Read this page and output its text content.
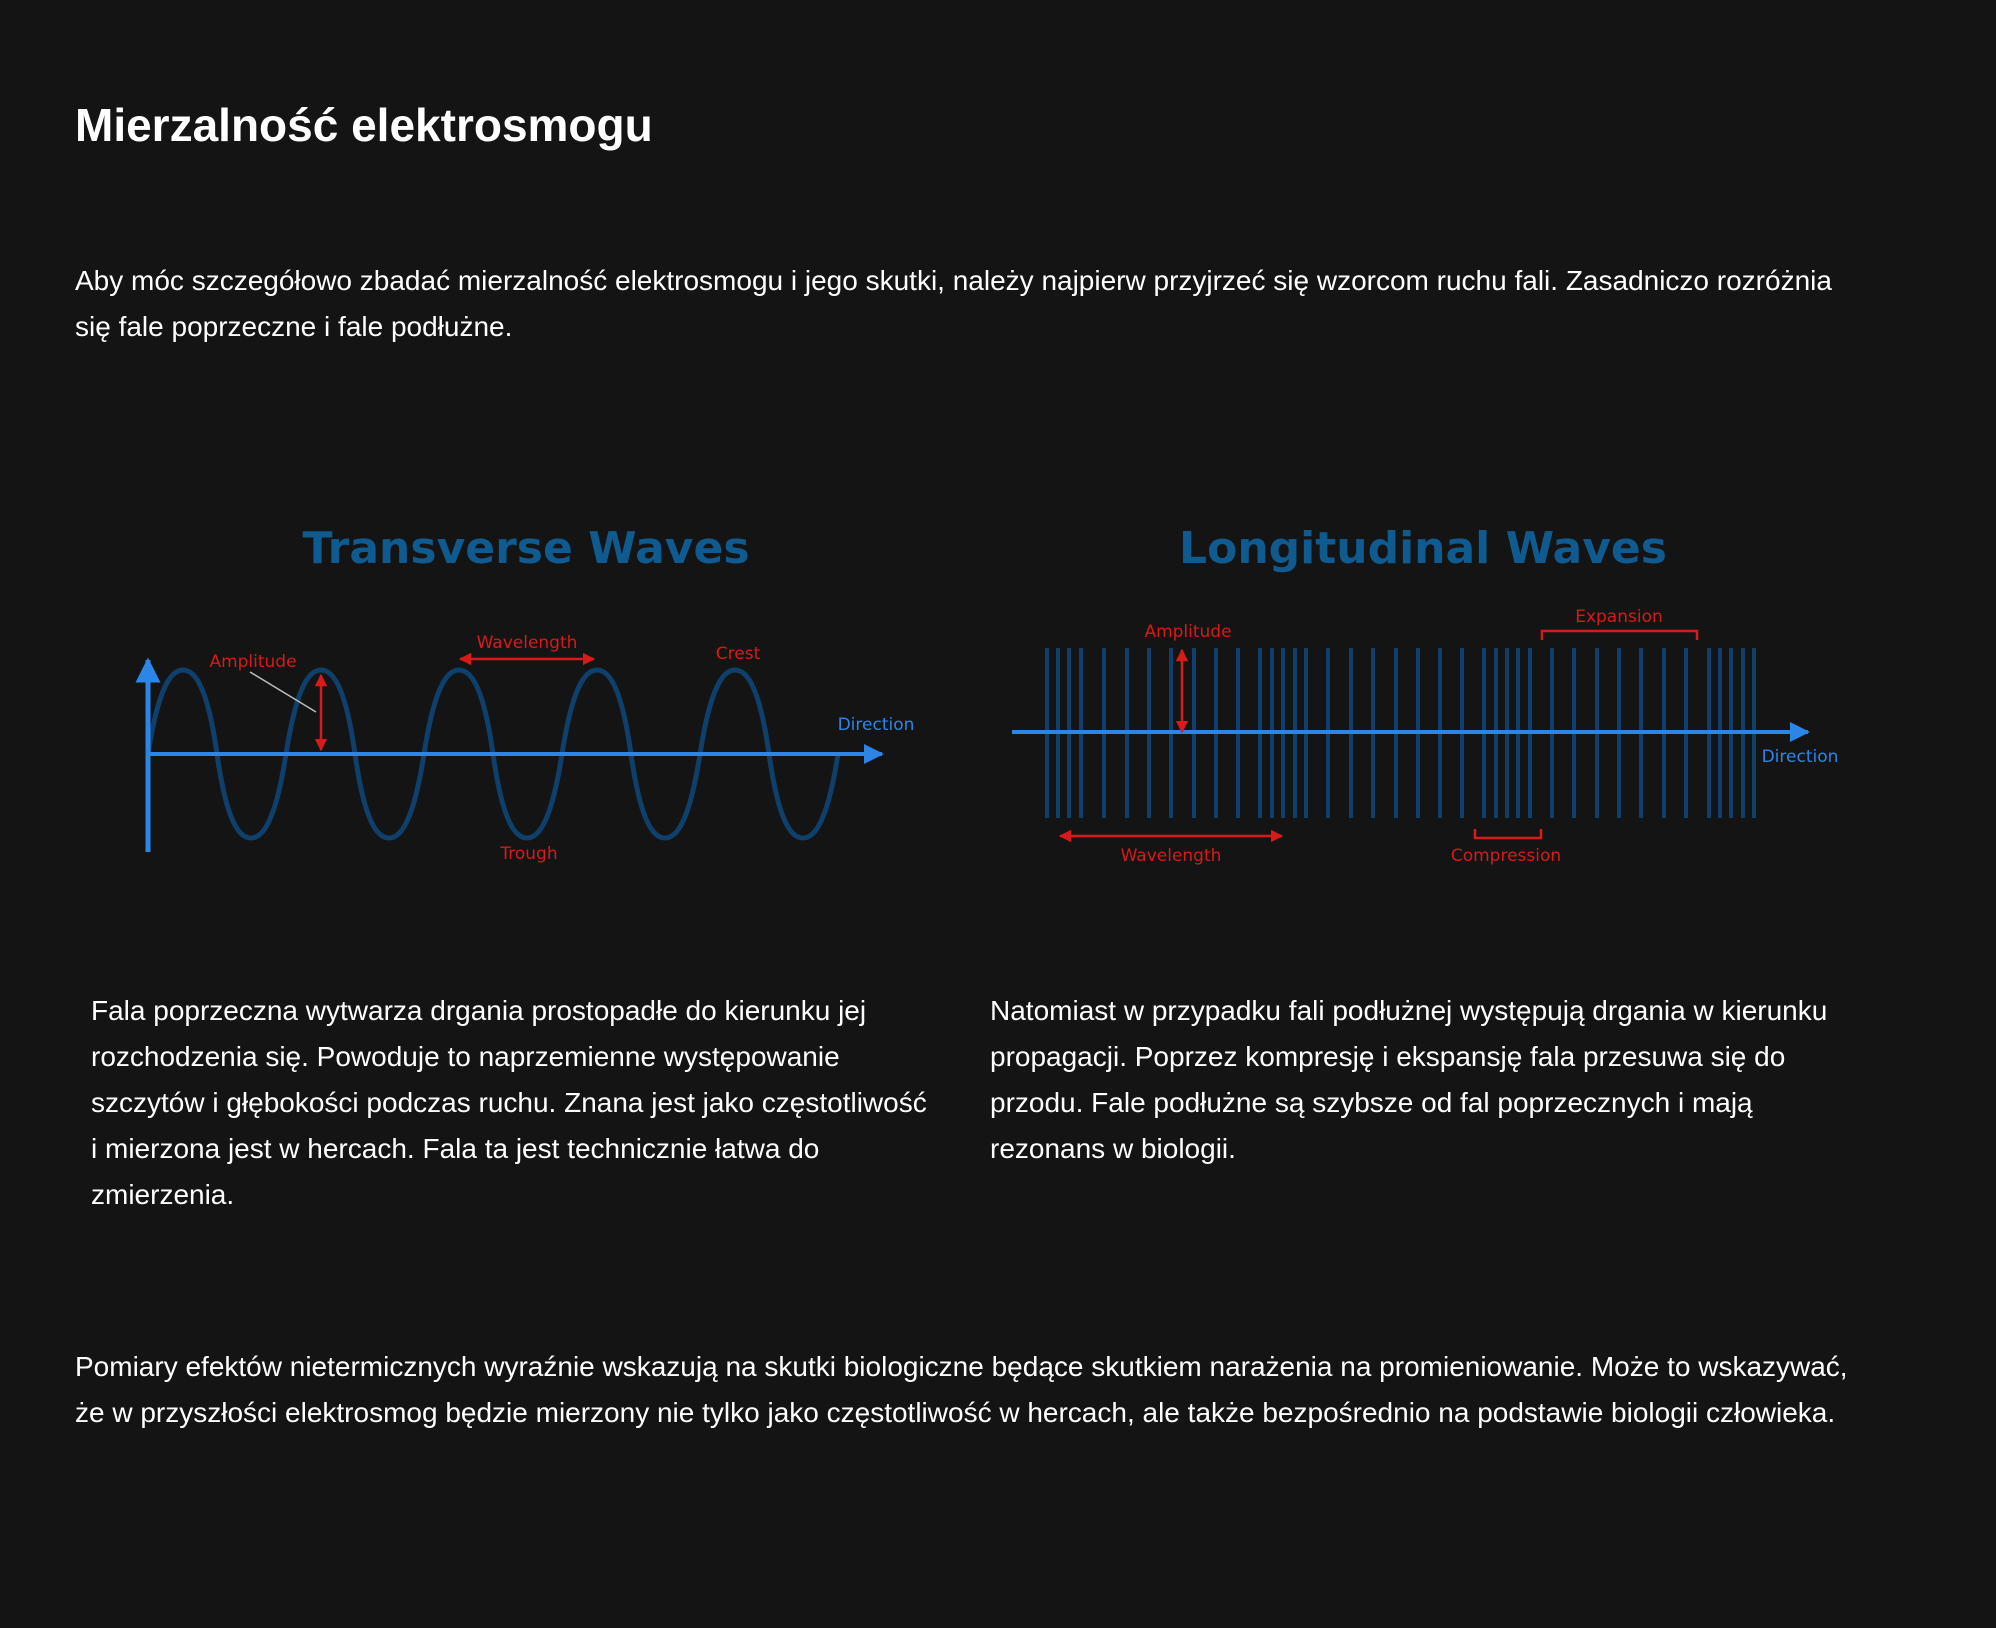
Mierzalność elektrosmogu

Aby móc szczegółowo zbadać mierzalność elektrosmogu i jego skutki, należy najpierw przyjrzeć się wzorcom ruchu fali. Zasadniczo rozróżnia się fale poprzeczne i fale podłużne.

Transverse Waves
Amplitude
Wavelength
Crest
Trough
Direction
Longitudinal Waves
Direction
Amplitude
Expansion
Wavelength	Compression

Fala poprzeczna wytwarza drgania prostopadłe do kierunku jej rozchodzenia się. Powoduje to naprzemienne występowanie szczytów i głębokości podczas ruchu. Znana jest jako częstotliwość i mierzona jest w hercach. Fala ta jest technicznie łatwa do zmierzenia.

Natomiast w przypadku fali podłużnej występują drgania w kierunku propagacji. Poprzez kompresję i ekspansję fala przesuwa się do przodu. Fale podłużne są szybsze od fal poprzecznych i mają rezonans w biologii.

Pomiary efektów nietermicznych wyraźnie wskazują na skutki biologiczne będące skutkiem narażenia na promieniowanie. Może to wskazywać, że w przyszłości elektrosmog będzie mierzony nie tylko jako częstotliwość w hercach, ale także bezpośrednio na podstawie biologii człowieka.
